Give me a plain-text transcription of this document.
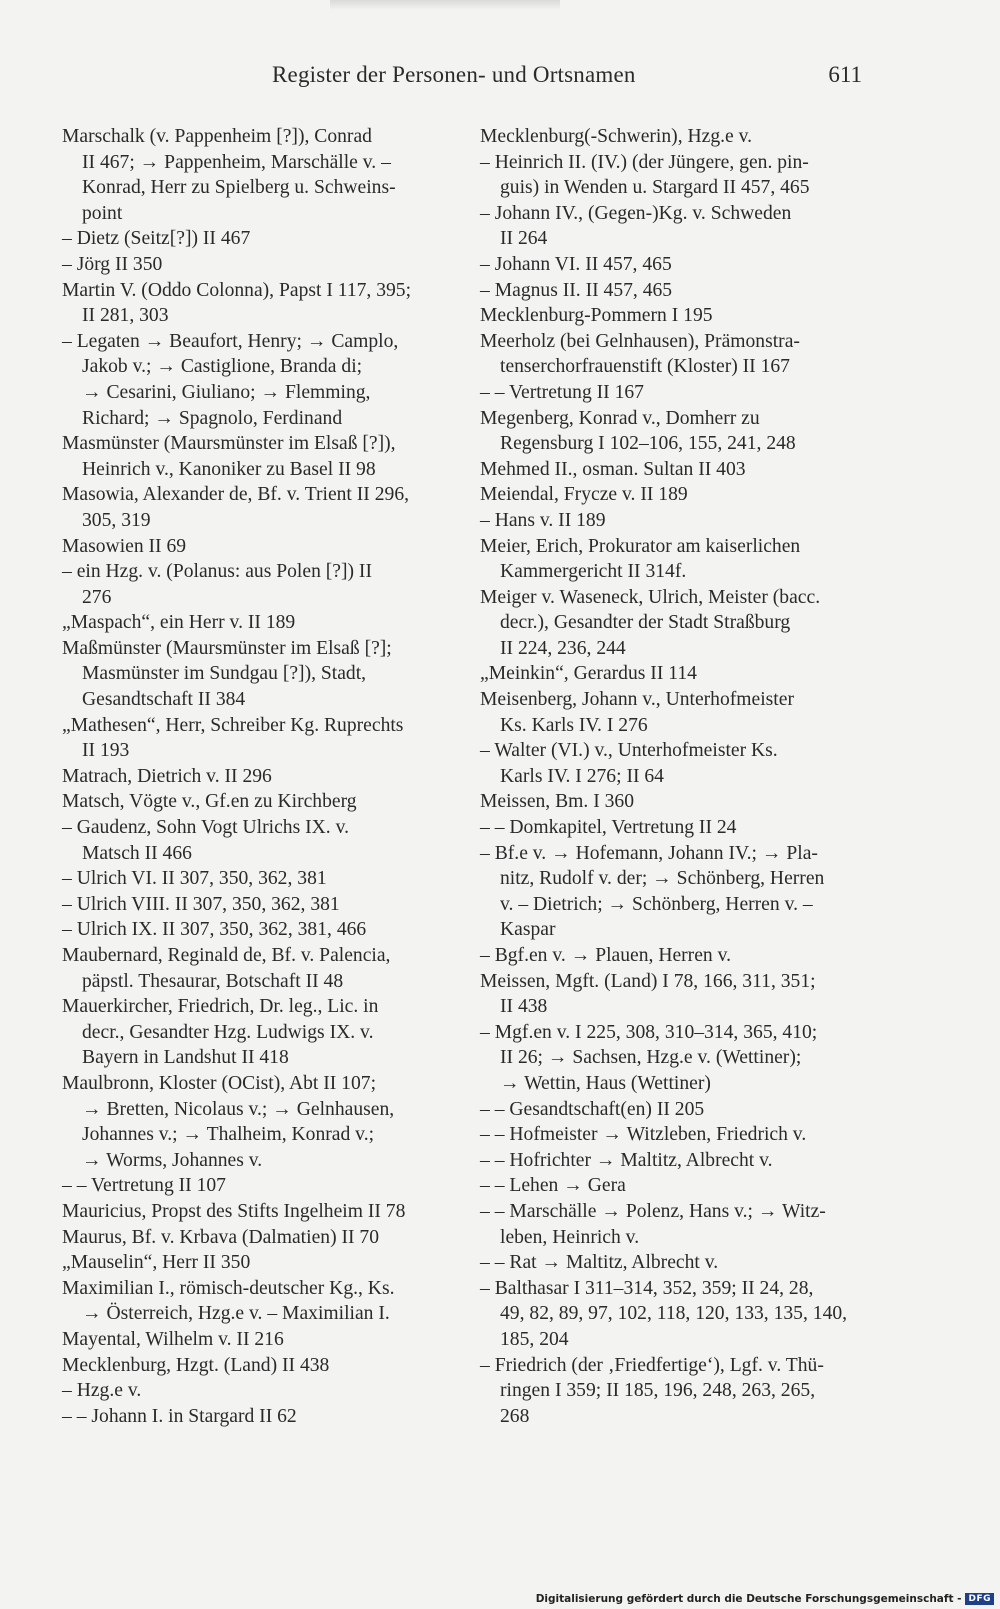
Register der Personen- und Ortsnamen	611

Marschalk (v. Pappenheim [?]), Conrad
II 467; → Pappenheim, Marschälle v. –
Konrad, Herr zu Spielberg u. Schweins-
point

– Dietz (Seitz[?]) II 467

– Jörg II 350

Martin V. (Oddo Colonna), Papst I 117, 395;
II 281, 303

– Legaten → Beaufort, Henry; → Camplo,
Jakob v.; → Castiglione, Branda di;
→ Cesarini, Giuliano; → Flemming,
Richard; → Spagnolo, Ferdinand

Masmünster (Maursmünster im Elsaß [?]),
Heinrich v., Kanoniker zu Basel II 98

Masowia, Alexander de, Bf. v. Trient II 296,
305, 319

Masowien II 69

– ein Hzg. v. (Polanus: aus Polen [?]) II
276

„Maspach“, ein Herr v. II 189

Maßmünster (Maursmünster im Elsaß [?];
Masmünster im Sundgau [?]), Stadt,
Gesandtschaft II 384

„Mathesen“, Herr, Schreiber Kg. Ruprechts
II 193

Matrach, Dietrich v. II 296

Matsch, Vögte v., Gf.en zu Kirchberg

– Gaudenz, Sohn Vogt Ulrichs IX. v.
Matsch II 466

– Ulrich VI. II 307, 350, 362, 381

– Ulrich VIII. II 307, 350, 362, 381

– Ulrich IX. II 307, 350, 362, 381, 466

Maubernard, Reginald de, Bf. v. Palencia,
päpstl. Thesaurar, Botschaft II 48

Mauerkircher, Friedrich, Dr. leg., Lic. in
decr., Gesandter Hzg. Ludwigs IX. v.
Bayern in Landshut II 418

Maulbronn, Kloster (OCist), Abt II 107;
→ Bretten, Nicolaus v.; → Gelnhausen,
Johannes v.; → Thalheim, Konrad v.;
→ Worms, Johannes v.

– – Vertretung II 107

Mauricius, Propst des Stifts Ingelheim II 78

Maurus, Bf. v. Krbava (Dalmatien) II 70

„Mauselin“, Herr II 350

Maximilian I., römisch-deutscher Kg., Ks.
→ Österreich, Hzg.e v. – Maximilian I.

Mayental, Wilhelm v. II 216

Mecklenburg, Hzgt. (Land) II 438

– Hzg.e v.

– – Johann I. in Stargard II 62

Mecklenburg(-Schwerin), Hzg.e v.

– Heinrich II. (IV.) (der Jüngere, gen. pin-
guis) in Wenden u. Stargard II 457, 465

– Johann IV., (Gegen-)Kg. v. Schweden
II 264

– Johann VI. II 457, 465

– Magnus II. II 457, 465

Mecklenburg-Pommern I 195

Meerholz (bei Gelnhausen), Prämonstra-
tenserchorfrauenstift (Kloster) II 167

– – Vertretung II 167

Megenberg, Konrad v., Domherr zu
Regensburg I 102–106, 155, 241, 248

Mehmed II., osman. Sultan II 403

Meiendal, Frycze v. II 189

– Hans v. II 189

Meier, Erich, Prokurator am kaiserlichen
Kammergericht II 314f.

Meiger v. Waseneck, Ulrich, Meister (bacc.
decr.), Gesandter der Stadt Straßburg
II 224, 236, 244

„Meinkin“, Gerardus II 114

Meisenberg, Johann v., Unterhofmeister
Ks. Karls IV. I 276

– Walter (VI.) v., Unterhofmeister Ks.
Karls IV. I 276; II 64

Meissen, Bm. I 360

– – Domkapitel, Vertretung II 24

– Bf.e v. → Hofemann, Johann IV.; → Pla-
nitz, Rudolf v. der; → Schönberg, Herren
v. – Dietrich; → Schönberg, Herren v. –
Kaspar

– Bgf.en v. → Plauen, Herren v.

Meissen, Mgft. (Land) I 78, 166, 311, 351;
II 438

– Mgf.en v. I 225, 308, 310–314, 365, 410;
II 26; → Sachsen, Hzg.e v. (Wettiner);
→ Wettin, Haus (Wettiner)

– – Gesandtschaft(en) II 205

– – Hofmeister → Witzleben, Friedrich v.

– – Hofrichter → Maltitz, Albrecht v.

– – Lehen → Gera

– – Marschälle → Polenz, Hans v.; → Witz-
leben, Heinrich v.

– – Rat → Maltitz, Albrecht v.

– Balthasar I 311–314, 352, 359; II 24, 28,
49, 82, 89, 97, 102, 118, 120, 133, 135, 140,
185, 204

– Friedrich (der ‚Friedfertige‘), Lgf. v. Thü-
ringen I 359; II 185, 196, 248, 263, 265,
268

Digitalisierung gefördert durch die Deutsche Forschungsgemeinschaft - DFG
